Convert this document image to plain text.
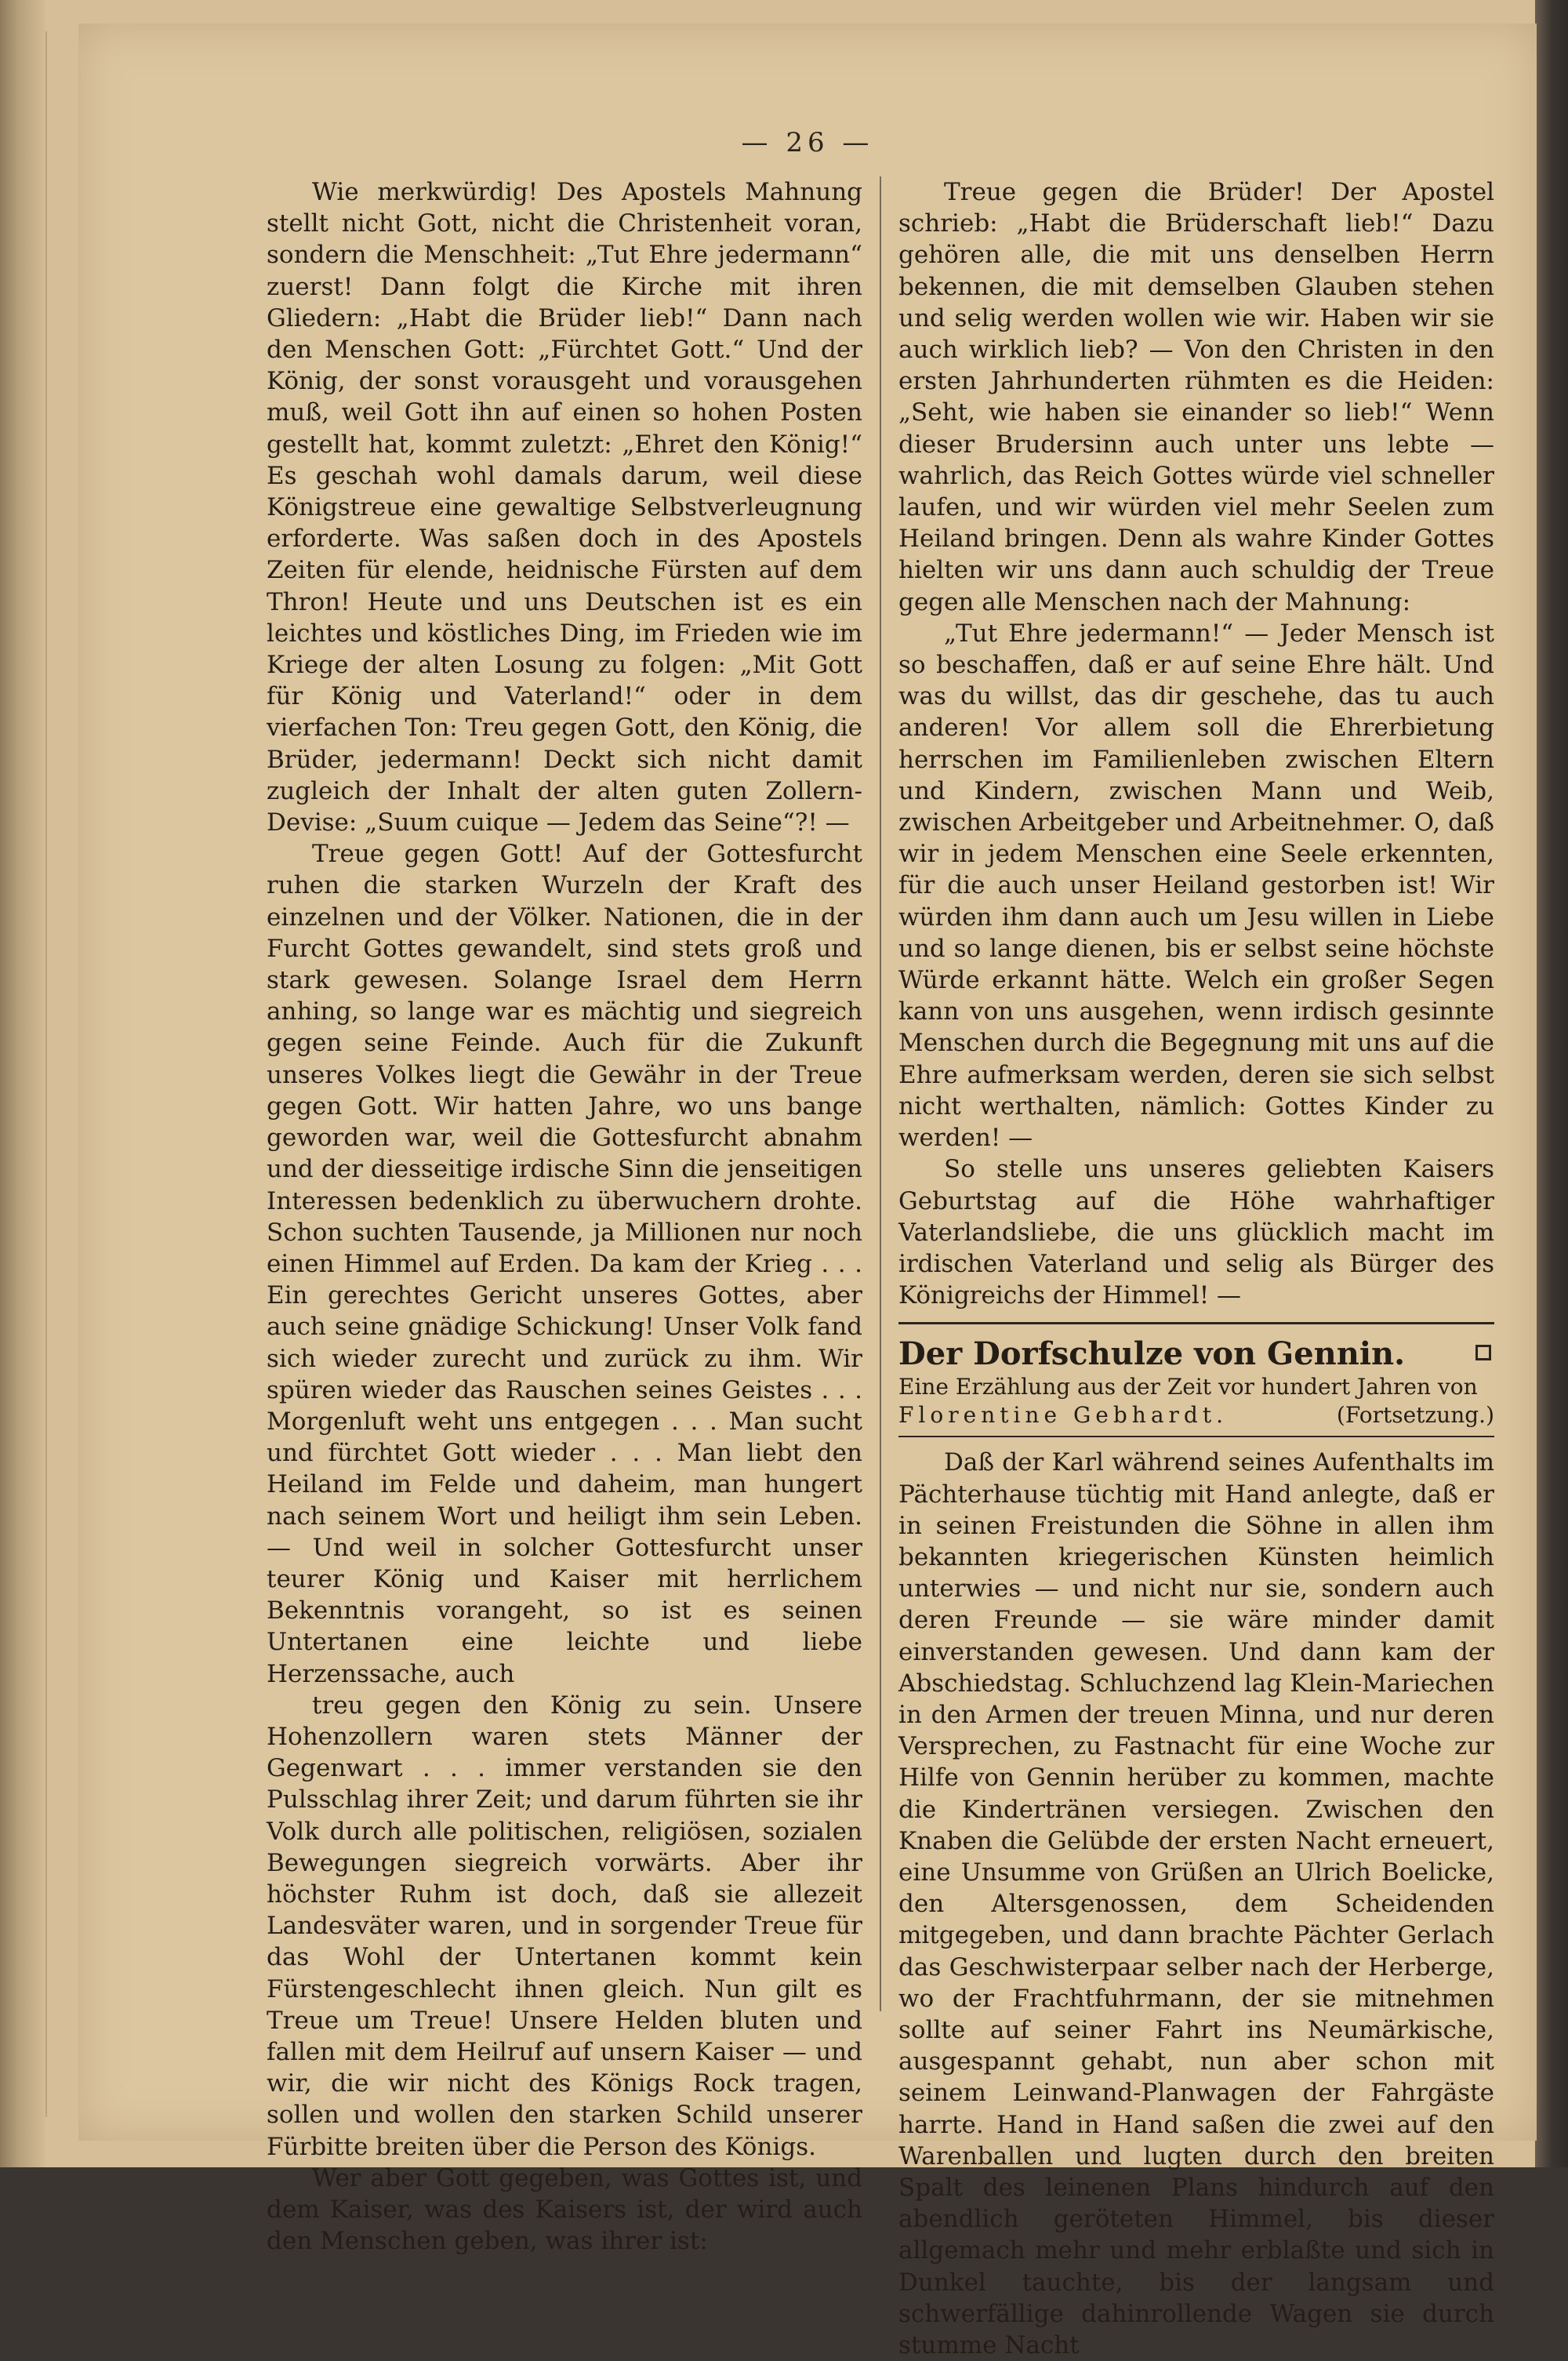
— 26 —

Wie merkwürdig! Des Apostels Mahnung stellt nicht Gott, nicht die Christenheit voran, sondern die Menschheit: „Tut Ehre jedermann“ zuerst! Dann folgt die Kirche mit ihren Gliedern: „Habt die Brüder lieb!“ Dann nach den Menschen Gott: „Fürchtet Gott.“ Und der König, der sonst vorausgeht und vorausgehen muß, weil Gott ihn auf einen so hohen Posten gestellt hat, kommt zuletzt: „Ehret den König!“ Es geschah wohl damals darum, weil diese Königstreue eine gewaltige Selbstverleugnung erforderte. Was saßen doch in des Apostels Zeiten für elende, heidnische Fürsten auf dem Thron! Heute und uns Deutschen ist es ein leichtes und köstliches Ding, im Frieden wie im Kriege der alten Losung zu folgen: „Mit Gott für König und Vaterland!“ oder in dem vierfachen Ton: Treu gegen Gott, den König, die Brüder, jedermann! Deckt sich nicht damit zugleich der Inhalt der alten guten Zollern-Devise: „Suum cuique — Jedem das Seine“?! —

Treue gegen Gott! Auf der Gottesfurcht ruhen die starken Wurzeln der Kraft des einzelnen und der Völker. Nationen, die in der Furcht Gottes gewandelt, sind stets groß und stark gewesen. Solange Israel dem Herrn anhing, so lange war es mächtig und siegreich gegen seine Feinde. Auch für die Zukunft unseres Volkes liegt die Gewähr in der Treue gegen Gott. Wir hatten Jahre, wo uns bange geworden war, weil die Gottesfurcht abnahm und der diesseitige irdische Sinn die jenseitigen Interessen bedenklich zu überwuchern drohte. Schon suchten Tausende, ja Millionen nur noch einen Himmel auf Erden. Da kam der Krieg . . . Ein gerechtes Gericht unseres Gottes, aber auch seine gnädige Schickung! Unser Volk fand sich wieder zurecht und zurück zu ihm. Wir spüren wieder das Rauschen seines Geistes . . . Morgenluft weht uns entgegen . . . Man sucht und fürchtet Gott wieder . . . Man liebt den Heiland im Felde und daheim, man hungert nach seinem Wort und heiligt ihm sein Leben. — Und weil in solcher Gottesfurcht unser teurer König und Kaiser mit herrlichem Bekenntnis vorangeht, so ist es seinen Untertanen eine leichte und liebe Herzenssache, auch

treu gegen den König zu sein. Unsere Hohenzollern waren stets Männer der Gegenwart . . . immer verstanden sie den Pulsschlag ihrer Zeit; und darum führten sie ihr Volk durch alle politischen, religiösen, sozialen Bewegungen siegreich vorwärts. Aber ihr höchster Ruhm ist doch, daß sie allezeit Landesväter waren, und in sorgender Treue für das Wohl der Untertanen kommt kein Fürstengeschlecht ihnen gleich. Nun gilt es Treue um Treue! Unsere Helden bluten und fallen mit dem Heilruf auf unsern Kaiser — und wir, die wir nicht des Königs Rock tragen, sollen und wollen den starken Schild unserer Fürbitte breiten über die Person des Königs.

Wer aber Gott gegeben, was Gottes ist, und dem Kaiser, was des Kaisers ist, der wird auch den Menschen geben, was ihrer ist:

Treue gegen die Brüder! Der Apostel schrieb: „Habt die Brüderschaft lieb!“ Dazu gehören alle, die mit uns denselben Herrn bekennen, die mit demselben Glauben stehen und selig werden wollen wie wir. Haben wir sie auch wirklich lieb? — Von den Christen in den ersten Jahrhunderten rühmten es die Heiden: „Seht, wie haben sie einander so lieb!“ Wenn dieser Brudersinn auch unter uns lebte — wahrlich, das Reich Gottes würde viel schneller laufen, und wir würden viel mehr Seelen zum Heiland bringen. Denn als wahre Kinder Gottes hielten wir uns dann auch schuldig der Treue gegen alle Menschen nach der Mahnung:

„Tut Ehre jedermann!“ — Jeder Mensch ist so beschaffen, daß er auf seine Ehre hält. Und was du willst, das dir geschehe, das tu auch anderen! Vor allem soll die Ehrerbietung herrschen im Familienleben zwischen Eltern und Kindern, zwischen Mann und Weib, zwischen Arbeitgeber und Arbeitnehmer. O, daß wir in jedem Menschen eine Seele erkennten, für die auch unser Heiland gestorben ist! Wir würden ihm dann auch um Jesu willen in Liebe und so lange dienen, bis er selbst seine höchste Würde erkannt hätte. Welch ein großer Segen kann von uns ausgehen, wenn irdisch gesinnte Menschen durch die Begegnung mit uns auf die Ehre aufmerksam werden, deren sie sich selbst nicht werthalten, nämlich: Gottes Kinder zu werden! —

So stelle uns unseres geliebten Kaisers Geburtstag auf die Höhe wahrhaftiger Vaterlandsliebe, die uns glücklich macht im irdischen Vaterland und selig als Bürger des Königreichs der Himmel! —

Der Dorfschulze von Gennin.
Eine Erzählung aus der Zeit vor hundert Jahren von
Florentine Gebhardt.	(Fortsetzung.)

Daß der Karl während seines Aufenthalts im Pächterhause tüchtig mit Hand anlegte, daß er in seinen Freistunden die Söhne in allen ihm bekannten kriegerischen Künsten heimlich unterwies — und nicht nur sie, sondern auch deren Freunde — sie wäre minder damit einverstanden gewesen. Und dann kam der Abschiedstag. Schluchzend lag Klein-Mariechen in den Armen der treuen Minna, und nur deren Versprechen, zu Fastnacht für eine Woche zur Hilfe von Gennin herüber zu kommen, machte die Kindertränen versiegen. Zwischen den Knaben die Gelübde der ersten Nacht erneuert, eine Unsumme von Grüßen an Ulrich Boelicke, den Altersgenossen, dem Scheidenden mitgegeben, und dann brachte Pächter Gerlach das Geschwisterpaar selber nach der Herberge, wo der Frachtfuhrmann, der sie mitnehmen sollte auf seiner Fahrt ins Neumärkische, ausgespannt gehabt, nun aber schon mit seinem Leinwand-Planwagen der Fahrgäste harrte. Hand in Hand saßen die zwei auf den Warenballen und lugten durch den breiten Spalt des leinenen Plans hindurch auf den abendlich geröteten Himmel, bis dieser allgemach mehr und mehr erblaßte und sich in Dunkel tauchte, bis der langsam und schwerfällige dahinrollende Wagen sie durch stumme Nacht
